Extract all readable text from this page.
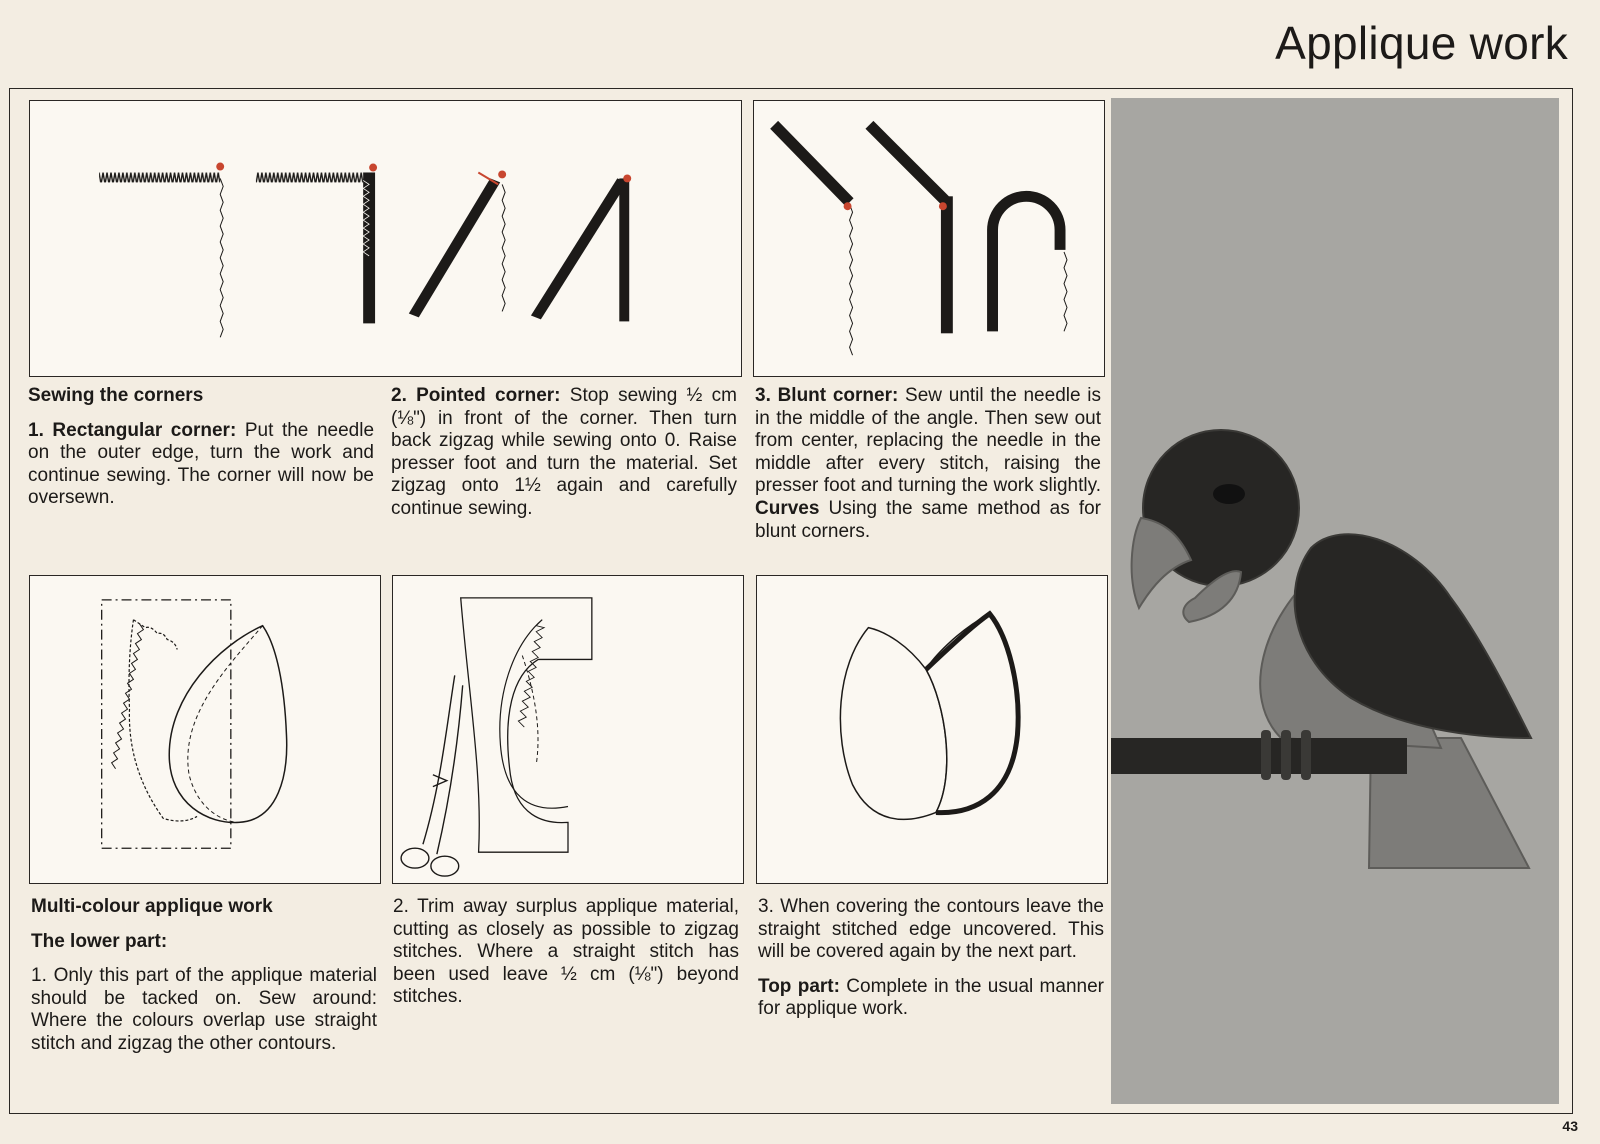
Applique work

Sewing the corners

1. Rectangular corner: Put the needle on the outer edge, turn the work and continue sewing. The corner will now be oversewn.

2. Pointed corner: Stop sewing ½ cm (⅛") in front of the corner. Then turn back zigzag while sewing onto 0. Raise presser foot and turn the material. Set zigzag onto 1½ again and carefully continue sewing.

3. Blunt corner: Sew until the needle is in the middle of the angle. Then sew out from center, replacing the needle in the middle after every stitch, raising the presser foot and turning the work slightly. Curves Using the same method as for blunt corners.

Multi-colour applique work

The lower part:

1. Only this part of the applique material should be tacked on. Sew around: Where the colours overlap use straight stitch and zigzag the other contours.

2. Trim away surplus applique material, cutting as closely as possible to zigzag stitches. Where a straight stitch has been used leave ½ cm (⅛") beyond stitches.

3. When covering the contours leave the straight stitched edge uncovered. This will be covered again by the next part.

Top part: Complete in the usual manner for applique work.

43
